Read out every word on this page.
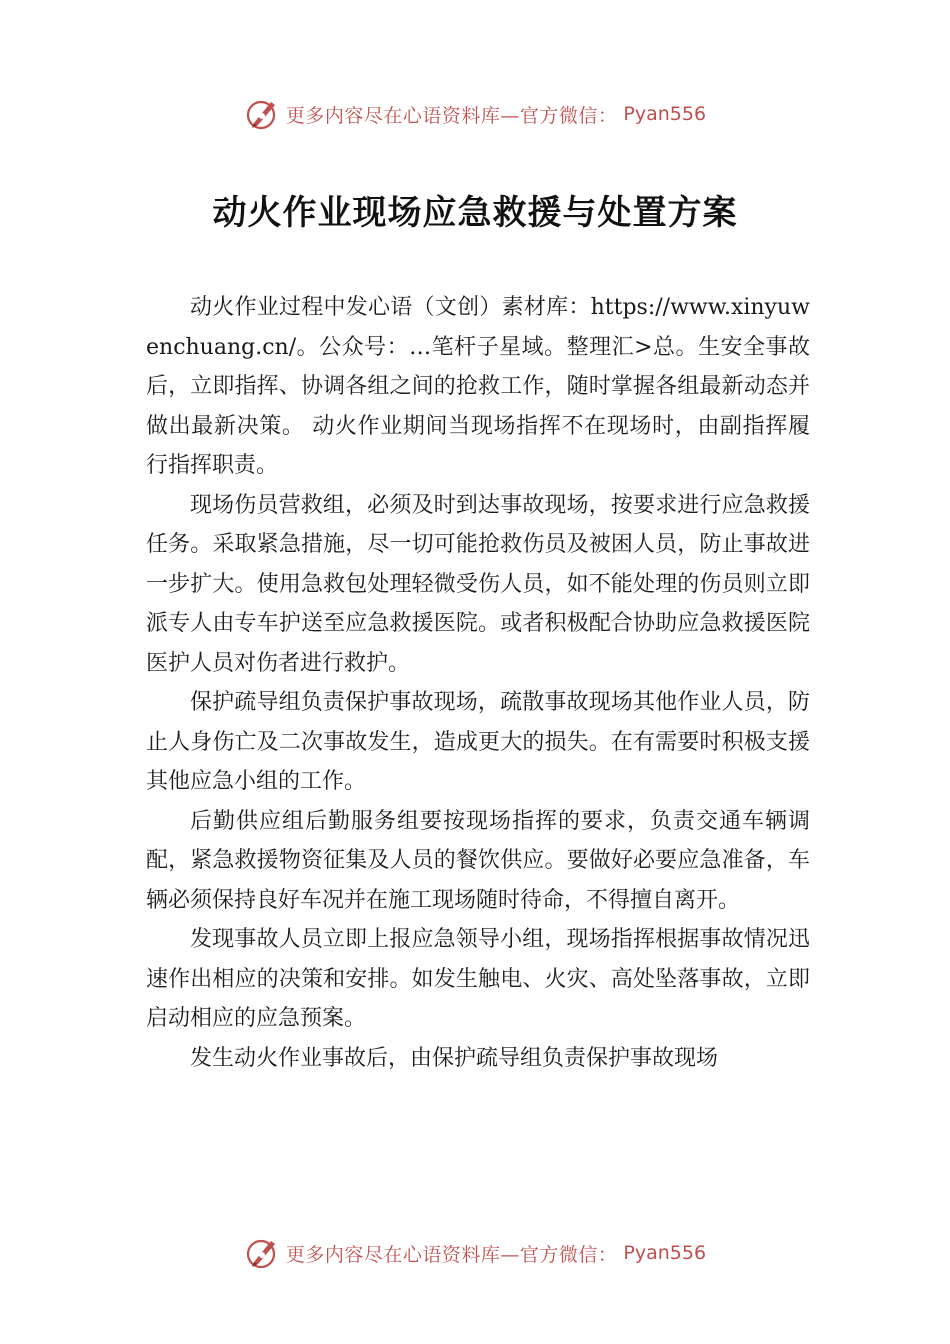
更多内容尽在心语资料库—官方微信： Pyan556
动火作业现场应急救援与处置方案

动火作业过程中发心语（文创）素材库：https://www.xinyuwenchuang.cn/。公众号：…笔杆子星域。整理汇>总。生安全事故后，立即指挥、协调各组之间的抢救工作，随时掌握各组最新动态并做出最新决策。 动火作业期间当现场指挥不在现场时，由副指挥履行指挥职责。

现场伤员营救组，必须及时到达事故现场，按要求进行应急救援任务。采取紧急措施，尽一切可能抢救伤员及被困人员，防止事故进一步扩大。使用急救包处理轻微受伤人员，如不能处理的伤员则立即派专人由专车护送至应急救援医院。或者积极配合协助应急救援医院医护人员对伤者进行救护。

保护疏导组负责保护事故现场，疏散事故现场其他作业人员，防止人身伤亡及二次事故发生，造成更大的损失。在有需要时积极支援其他应急小组的工作。

后勤供应组后勤服务组要按现场指挥的要求，负责交通车辆调配，紧急救援物资征集及人员的餐饮供应。要做好必要应急准备，车辆必须保持良好车况并在施工现场随时待命，不得擅自离开。

发现事故人员立即上报应急领导小组，现场指挥根据事故情况迅速作出相应的决策和安排。如发生触电、火灾、高处坠落事故，立即启动相应的应急预案。

发生动火作业事故后，由保护疏导组负责保护事故现场

更多内容尽在心语资料库—官方微信： Pyan556
